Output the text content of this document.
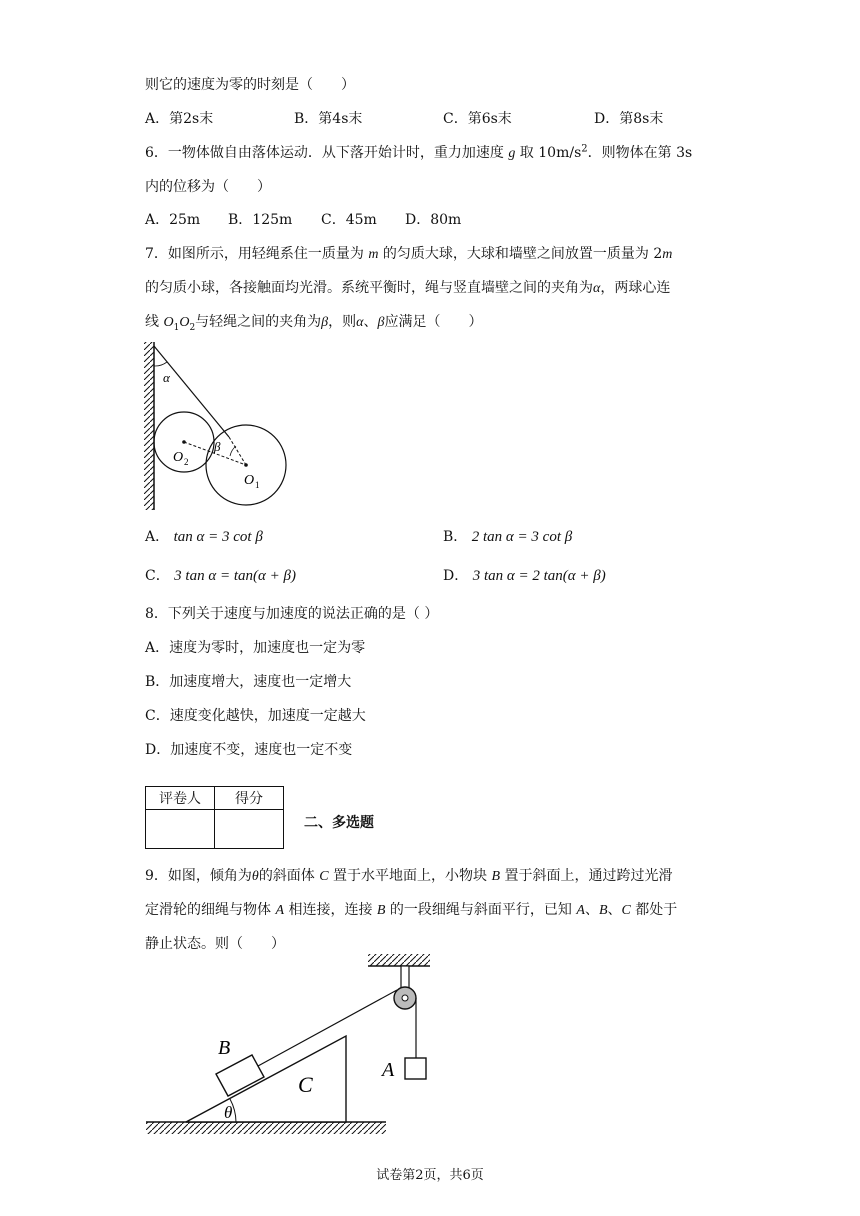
则它的速度为零的时刻是（　　）
A．第2s末	B．第4s末	C．第6s末	D．第8s末
6．一物体做自由落体运动．从下落开始计时，重力加速度 g 取 $10m/s^2$．则物体在第 3s
内的位移为（　　）
A．25m B．125m C．45m D．80m
7．如图所示，用轻绳系住一质量为 m 的匀质大球，大球和墙壁之间放置一质量为 2m
的匀质小球，各接触面均光滑。系统平衡时，绳与竖直墙壁之间的夹角为α，两球心连
线 $O_1O_2$与轻绳之间的夹角为β，则α、β应满足（　　）
α
β
O 2
O 1
A． tan α = 3 cot β	B． 2 tan α = 3 cot β
C． 3 tan α = tan(α + β)	D． 3 tan α = 2 tan(α + β)
8．下列关于速度与加速度的说法正确的是（ ）
A．速度为零时，加速度也一定为零
B．加速度增大，速度也一定增大
C．速度变化越快，加速度一定越大
D．加速度不变，速度也一定不变
评卷人	得分

二、多选题
9．如图，倾角为θ的斜面体 C 置于水平地面上，小物块 B 置于斜面上，通过跨过光滑
定滑轮的细绳与物体 A 相连接，连接 B 的一段细绳与斜面平行，已知 A、B、C 都处于
静止状态。则（　　）
B
C
A
θ
试卷第2页，共6页
